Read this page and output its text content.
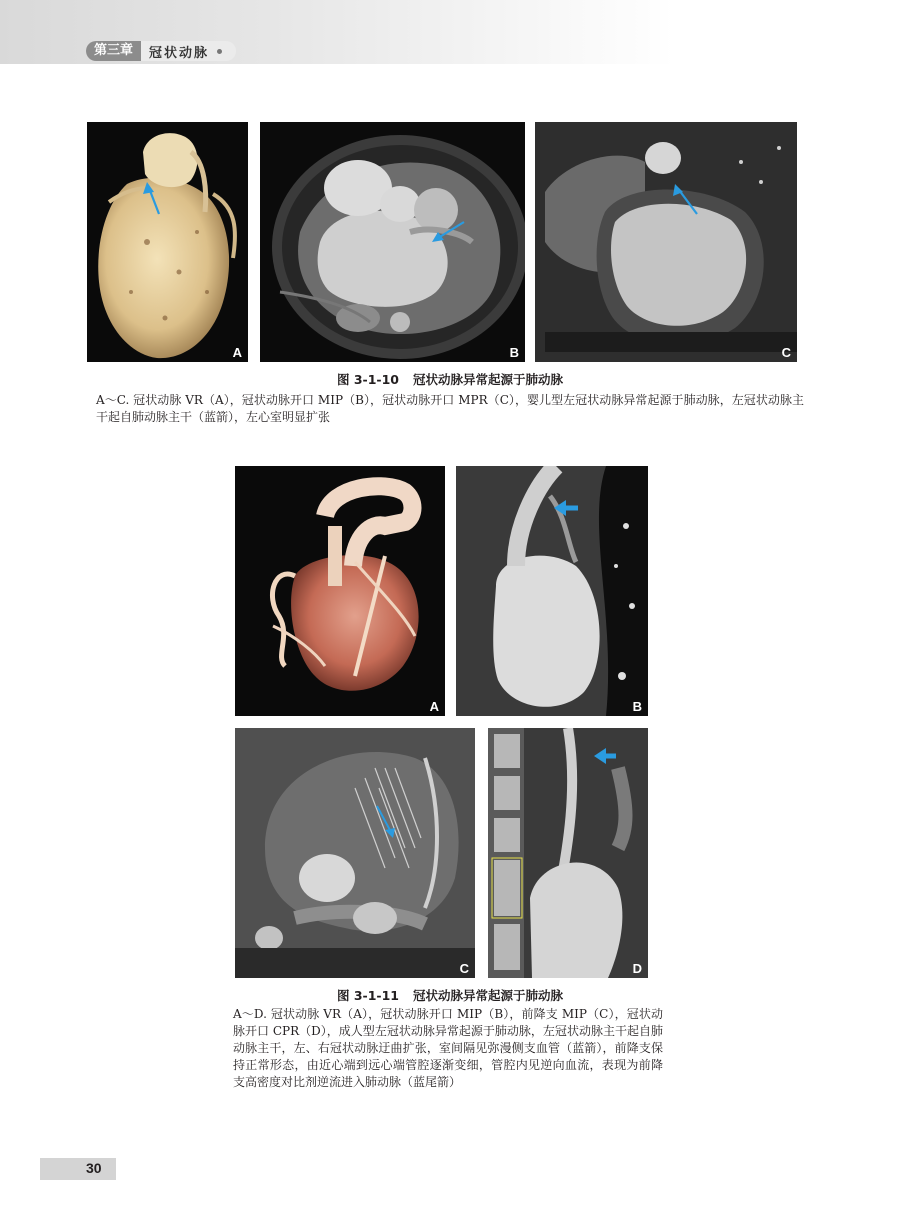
第三章	冠状动脉
A	B	C
图 3-1-10 冠状动脉异常起源于肺动脉
A～C. 冠状动脉 VR（A），冠状动脉开口 MIP（B），冠状动脉开口 MPR（C），婴儿型左冠状动脉异常起源于肺动脉，左冠状动脉主干起自肺动脉主干（蓝箭），左心室明显扩张
A	B
C	D
图 3-1-11 冠状动脉异常起源于肺动脉
A～D. 冠状动脉 VR（A），冠状动脉开口 MIP（B），前降支 MIP（C），冠状动脉开口 CPR（D），成人型左冠状动脉异常起源于肺动脉，左冠状动脉主干起自肺动脉主干，左、右冠状动脉迂曲扩张，室间隔见弥漫侧支血管（蓝箭），前降支保持正常形态，由近心端到远心端管腔逐渐变细，管腔内见逆向血流，表现为前降支高密度对比剂逆流进入肺动脉（蓝尾箭）
30
